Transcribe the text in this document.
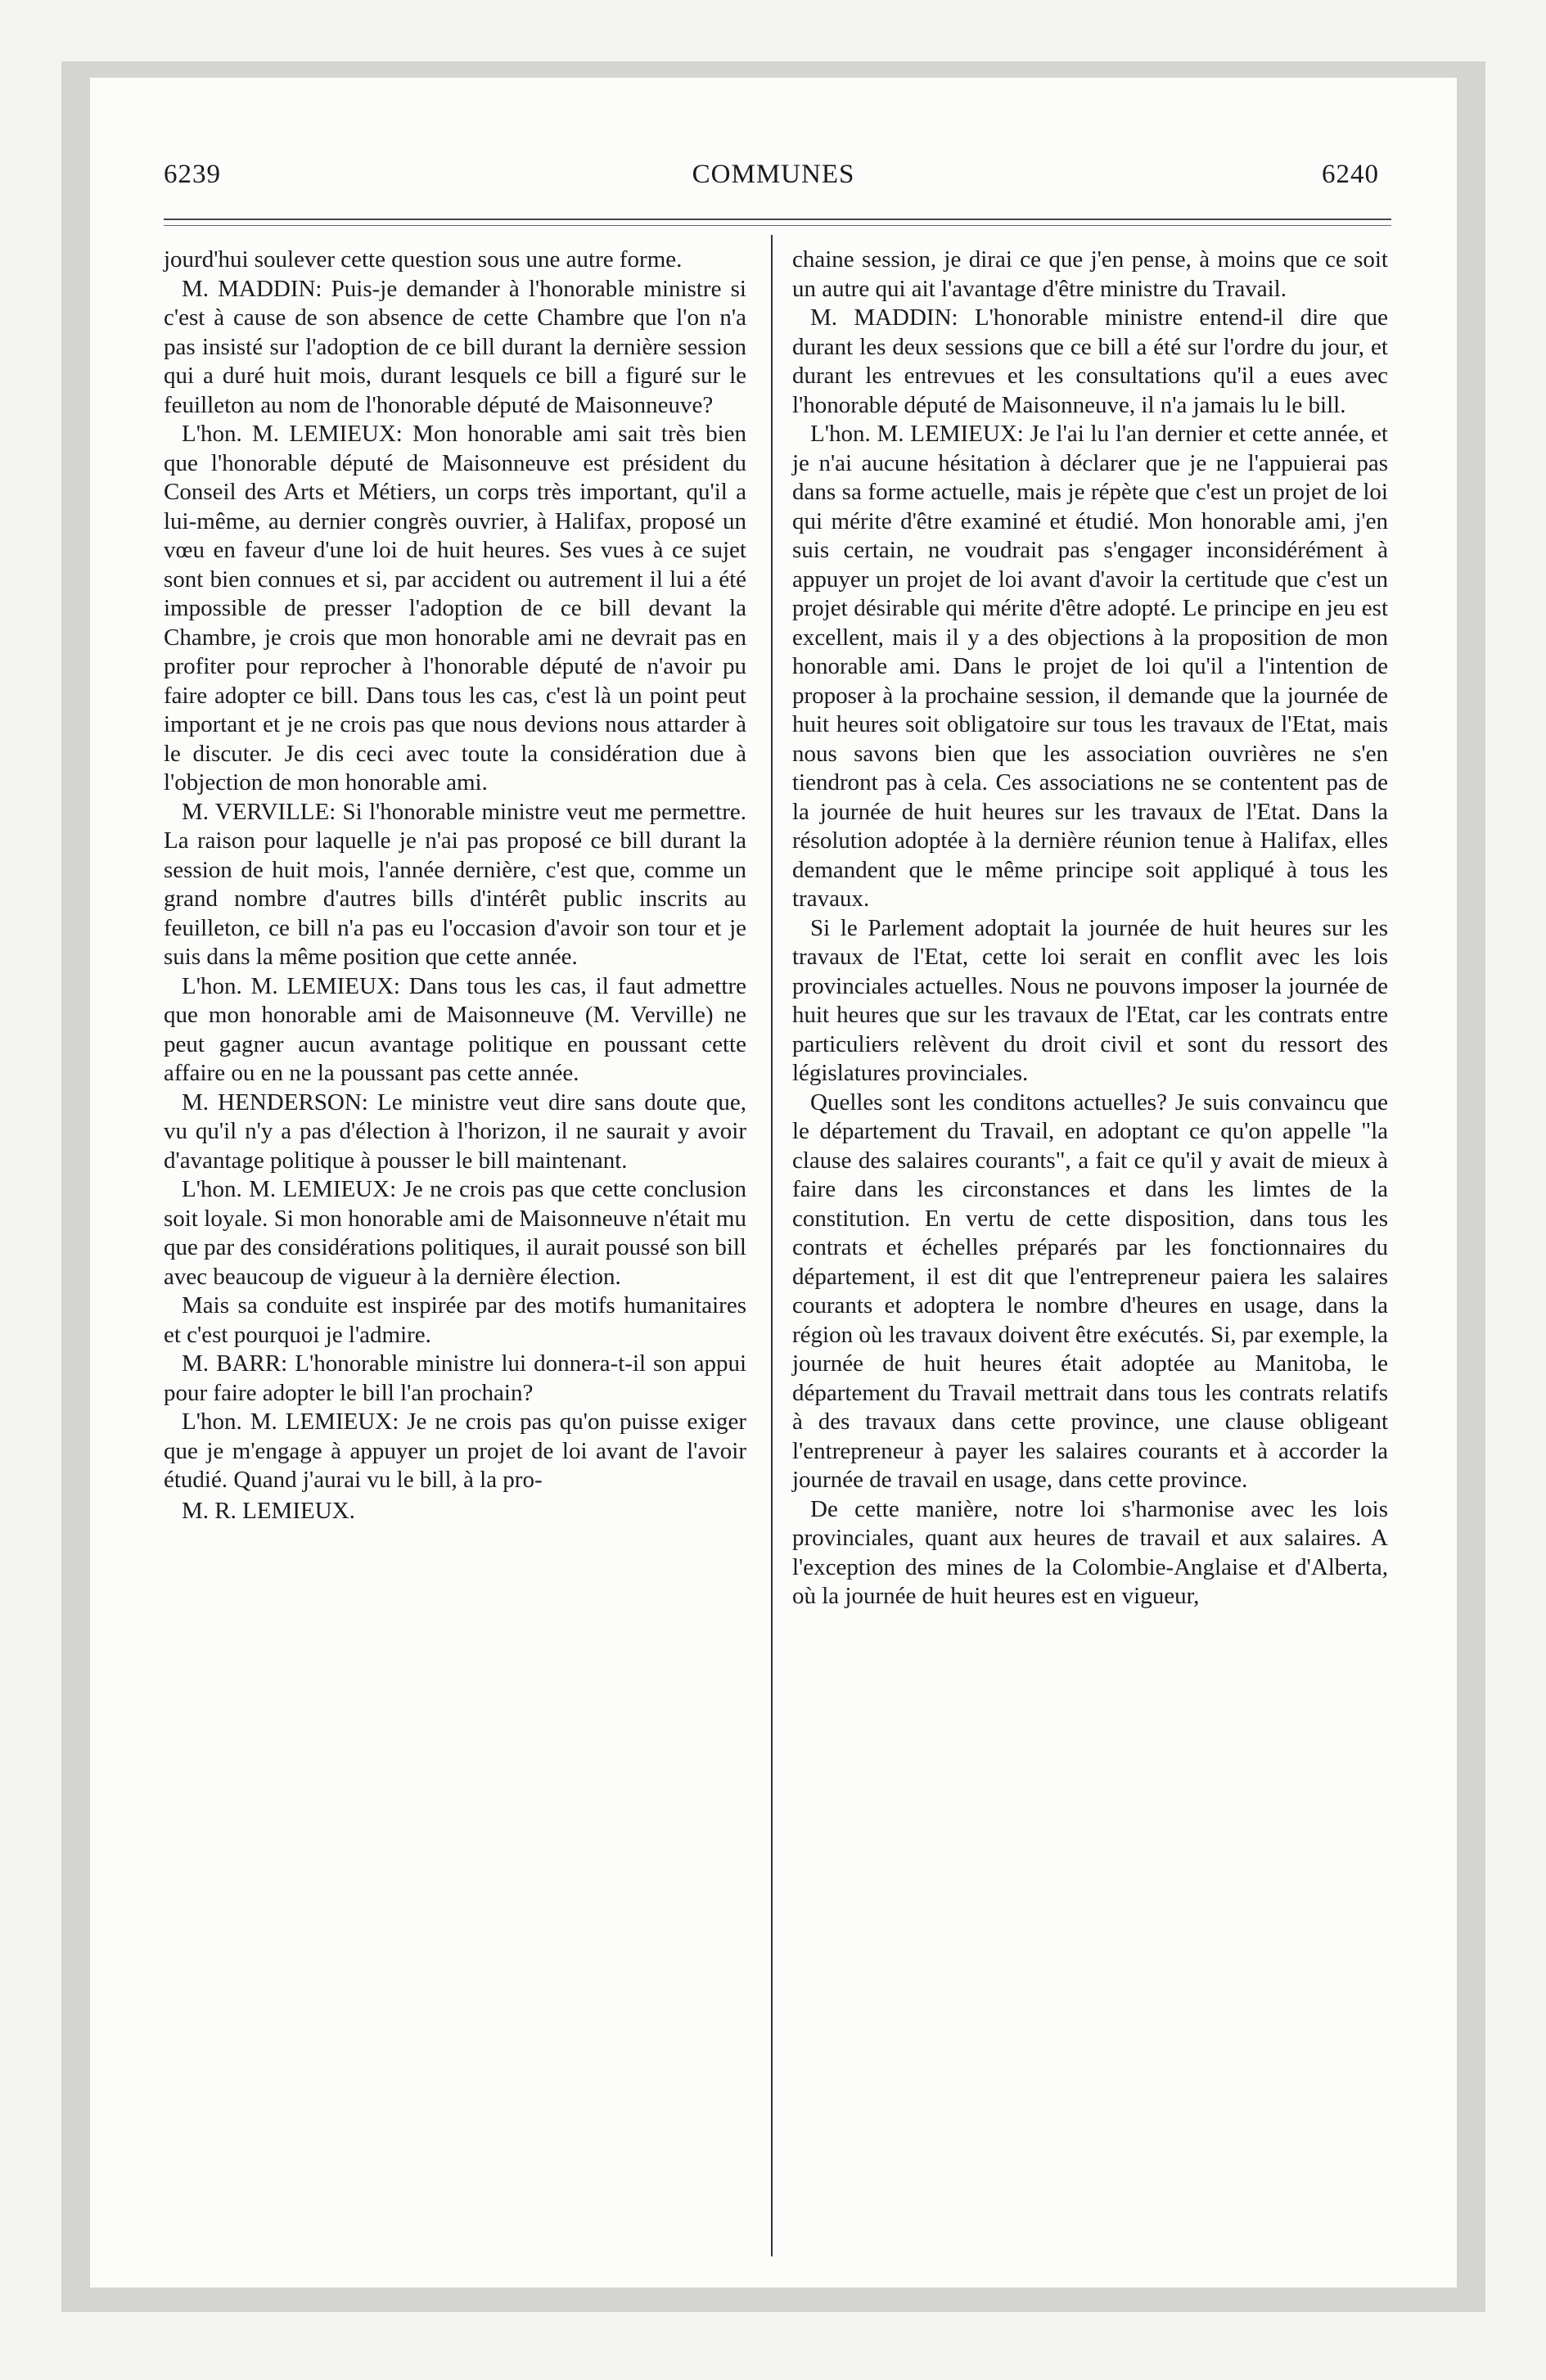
6239	COMMUNES	6240

jourd'hui soulever cette question sous une autre forme.

M. MADDIN: Puis-je demander à l'honorable ministre si c'est à cause de son absence de cette Chambre que l'on n'a pas insisté sur l'adoption de ce bill durant la dernière session qui a duré huit mois, durant lesquels ce bill a figuré sur le feuilleton au nom de l'honorable député de Maisonneuve?

L'hon. M. LEMIEUX: Mon honorable ami sait très bien que l'honorable député de Maisonneuve est président du Conseil des Arts et Métiers, un corps très important, qu'il a lui-même, au dernier congrès ouvrier, à Halifax, proposé un vœu en faveur d'une loi de huit heures. Ses vues à ce sujet sont bien connues et si, par accident ou autrement il lui a été impossible de presser l'adoption de ce bill devant la Chambre, je crois que mon honorable ami ne devrait pas en profiter pour reprocher à l'honorable député de n'avoir pu faire adopter ce bill. Dans tous les cas, c'est là un point peut important et je ne crois pas que nous devions nous attarder à le discuter. Je dis ceci avec toute la considération due à l'objection de mon honorable ami.

M. VERVILLE: Si l'honorable ministre veut me permettre. La raison pour laquelle je n'ai pas proposé ce bill durant la session de huit mois, l'année dernière, c'est que, comme un grand nombre d'autres bills d'intérêt public inscrits au feuilleton, ce bill n'a pas eu l'occasion d'avoir son tour et je suis dans la même position que cette année.

L'hon. M. LEMIEUX: Dans tous les cas, il faut admettre que mon honorable ami de Maisonneuve (M. Verville) ne peut gagner aucun avantage politique en poussant cette affaire ou en ne la poussant pas cette année.

M. HENDERSON: Le ministre veut dire sans doute que, vu qu'il n'y a pas d'élection à l'horizon, il ne saurait y avoir d'avantage politique à pousser le bill maintenant.

L'hon. M. LEMIEUX: Je ne crois pas que cette conclusion soit loyale. Si mon honorable ami de Maisonneuve n'était mu que par des considérations politiques, il aurait poussé son bill avec beaucoup de vigueur à la dernière élection.

Mais sa conduite est inspirée par des motifs humanitaires et c'est pourquoi je l'admire.

M. BARR: L'honorable ministre lui donnera-t-il son appui pour faire adopter le bill l'an prochain?

L'hon. M. LEMIEUX: Je ne crois pas qu'on puisse exiger que je m'engage à appuyer un projet de loi avant de l'avoir étudié. Quand j'aurai vu le bill, à la pro-

M. R. LEMIEUX.

chaine session, je dirai ce que j'en pense, à moins que ce soit un autre qui ait l'avantage d'être ministre du Travail.

M. MADDIN: L'honorable ministre entend-il dire que durant les deux sessions que ce bill a été sur l'ordre du jour, et durant les entrevues et les consultations qu'il a eues avec l'honorable député de Maisonneuve, il n'a jamais lu le bill.

L'hon. M. LEMIEUX: Je l'ai lu l'an dernier et cette année, et je n'ai aucune hésitation à déclarer que je ne l'appuierai pas dans sa forme actuelle, mais je répète que c'est un projet de loi qui mérite d'être examiné et étudié. Mon honorable ami, j'en suis certain, ne voudrait pas s'engager inconsidérément à appuyer un projet de loi avant d'avoir la certitude que c'est un projet désirable qui mérite d'être adopté. Le principe en jeu est excellent, mais il y a des objections à la proposition de mon honorable ami. Dans le projet de loi qu'il a l'intention de proposer à la prochaine session, il demande que la journée de huit heures soit obligatoire sur tous les travaux de l'Etat, mais nous savons bien que les association ouvrières ne s'en tiendront pas à cela. Ces associations ne se contentent pas de la journée de huit heures sur les travaux de l'Etat. Dans la résolution adoptée à la dernière réunion tenue à Halifax, elles demandent que le même principe soit appliqué à tous les travaux.

Si le Parlement adoptait la journée de huit heures sur les travaux de l'Etat, cette loi serait en conflit avec les lois provinciales actuelles. Nous ne pouvons imposer la journée de huit heures que sur les travaux de l'Etat, car les contrats entre particuliers relèvent du droit civil et sont du ressort des législatures provinciales.

Quelles sont les conditons actuelles? Je suis convaincu que le département du Travail, en adoptant ce qu'on appelle "la clause des salaires courants", a fait ce qu'il y avait de mieux à faire dans les circonstances et dans les limtes de la constitution. En vertu de cette disposition, dans tous les contrats et échelles préparés par les fonctionnaires du département, il est dit que l'entrepreneur paiera les salaires courants et adoptera le nombre d'heures en usage, dans la région où les travaux doivent être exécutés. Si, par exemple, la journée de huit heures était adoptée au Manitoba, le département du Travail mettrait dans tous les contrats relatifs à des travaux dans cette province, une clause obligeant l'entrepreneur à payer les salaires courants et à accorder la journée de travail en usage, dans cette province.

De cette manière, notre loi s'harmonise avec les lois provinciales, quant aux heures de travail et aux salaires. A l'exception des mines de la Colombie-Anglaise et d'Alberta, où la journée de huit heures est en vigueur,
